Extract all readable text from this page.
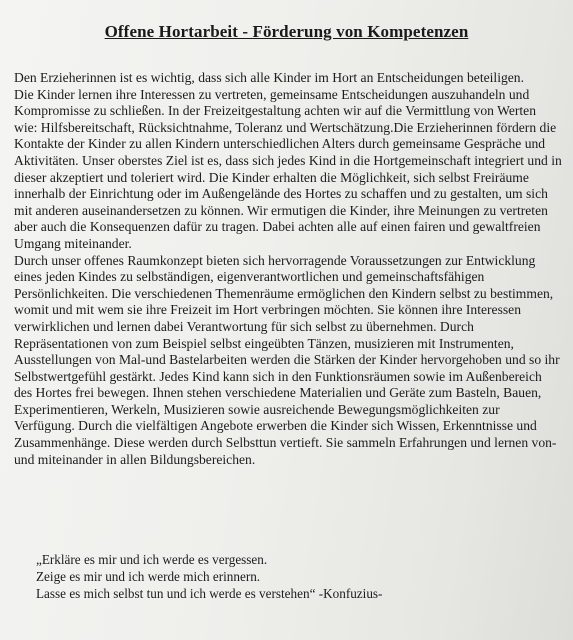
Offene Hortarbeit - Förderung von Kompetenzen

Den Erzieherinnen ist es wichtig, dass sich alle Kinder im Hort an Entscheidungen beteiligen.

Die Kinder lernen ihre Interessen zu vertreten, gemeinsame Entscheidungen auszuhandeln und Kompromisse zu schließen. In der Freizeitgestaltung achten wir auf die Vermittlung von Werten wie: Hilfsbereitschaft, Rücksichtnahme, Toleranz und Wertschätzung.Die Erzieherinnen fördern die Kontakte der Kinder zu allen Kindern unterschiedlichen Alters durch gemeinsame Gespräche und Aktivitäten. Unser oberstes Ziel ist es, dass sich jedes Kind in die Hortgemeinschaft integriert und in dieser akzeptiert und toleriert wird. Die Kinder erhalten die Möglichkeit, sich selbst Freiräume innerhalb der Einrichtung oder im Außengelände des Hortes zu schaffen und zu gestalten, um sich mit anderen auseinandersetzen zu können. Wir ermutigen die Kinder, ihre Meinungen zu vertreten aber auch die Konsequenzen dafür zu tragen. Dabei achten alle auf einen fairen und gewaltfreien Umgang miteinander.

Durch unser offenes Raumkonzept bieten sich hervorragende Voraussetzungen zur Entwicklung eines jeden Kindes zu selbständigen, eigenverantwortlichen und gemeinschaftsfähigen Persönlichkeiten. Die verschiedenen Themenräume ermöglichen den Kindern selbst zu bestimmen, womit und mit wem sie ihre Freizeit im Hort verbringen möchten. Sie können ihre Interessen verwirklichen und lernen dabei Verantwortung für sich selbst zu übernehmen. Durch Repräsentationen von zum Beispiel selbst eingeübten Tänzen, musizieren mit Instrumenten, Ausstellungen von Mal-und Bastelarbeiten werden die Stärken der Kinder hervorgehoben und so ihr Selbstwertgefühl gestärkt. Jedes Kind kann sich in den Funktionsräumen sowie im Außenbereich des Hortes frei bewegen. Ihnen stehen verschiedene Materialien und Geräte zum Basteln, Bauen, Experimentieren, Werkeln, Musizieren sowie ausreichende Bewegungsmöglichkeiten zur Verfügung. Durch die vielfältigen Angebote erwerben die Kinder sich Wissen, Erkenntnisse und Zusammenhänge. Diese werden durch Selbsttun vertieft. Sie sammeln Erfahrungen und lernen von-und miteinander in allen Bildungsbereichen.

„Erkläre es mir und ich werde es vergessen.
Zeige es mir und ich werde mich erinnern.
Lasse es mich selbst tun und ich werde es verstehen“ -Konfuzius-
